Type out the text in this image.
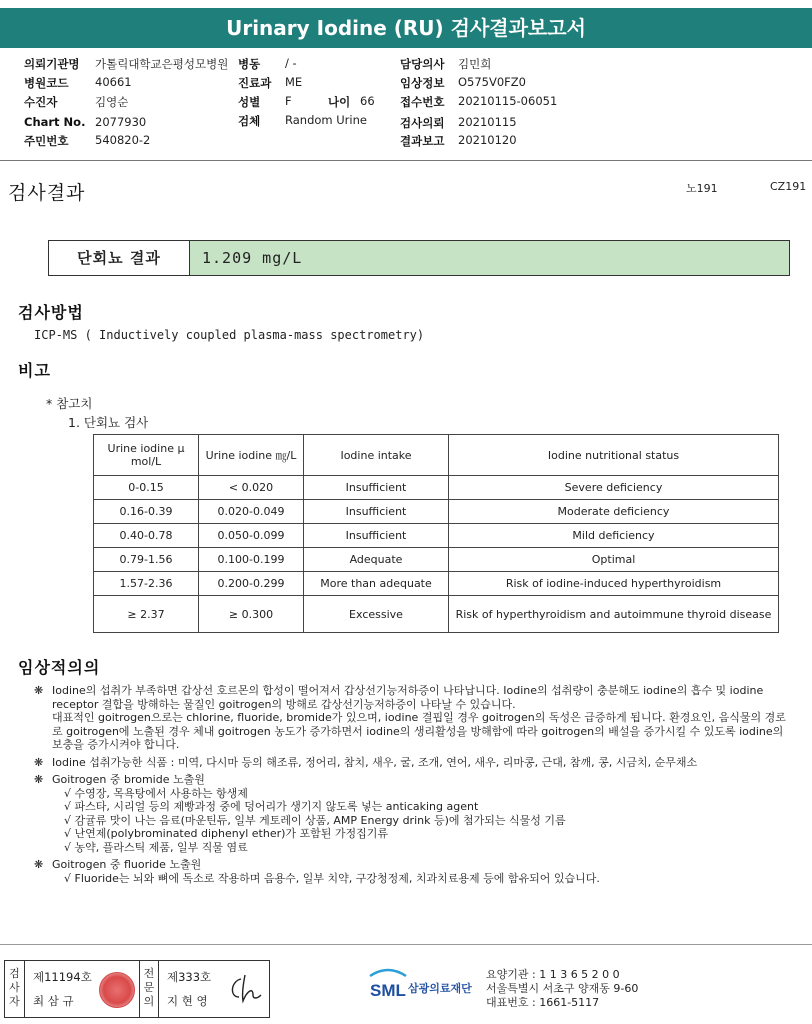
Urinary Iodine (RU) 검사결과보고서
의뢰기관명 가톨릭대학교은평성모병원 병동 / -	담당의사 김민희
병원코드 40661	진료과 ME	임상정보 O575V0FZ0
수진자	김영순	성별 F	나이 66 접수번호 20210115-06051
Chart No. 2077930	검체 Random Urine	검사의뢰 20210115
주민번호 540820-2	결과보고 20210120
검사결과	노191	CZ191
단회뇨 결과	1.209 mg/L
검사방법
ICP-MS ( Inductively coupled plasma-mass spectrometry)
비고
* 참고치
1. 단회뇨 검사
Urine iodine μ mol/L	Urine iodine ㎎/L	Iodine intake	Iodine nutritional status
0-0.15	< 0.020	Insufficient	Severe deficiency
0.16-0.39	0.020-0.049	Insufficient	Moderate deficiency
0.40-0.78	0.050-0.099	Insufficient	Mild deficiency
0.79-1.56	0.100-0.199	Adequate	Optimal
1.57-2.36	0.200-0.299	More than adequate	Risk of iodine-induced hyperthyroidism
≥ 2.37	≥ 0.300	Excessive	Risk of hyperthyroidism and autoimmune thyroid disease
임상적의의
❋ Iodine의 섭취가 부족하면 갑상선 호르몬의 합성이 떨어져서 갑상선기능저하증이 나타납니다. Iodine의 섭취량이 충분해도 iodine의 흡수 및 iodine receptor 결합을 방해하는 물질인 goitrogen의 방해로 갑상선기능저하증이 나타날 수 있습니다.
대표적인 goitrogen으로는 chlorine, fluoride, bromide가 있으며, iodine 결핍일 경우 goitrogen의 독성은 급증하게 됩니다. 환경요인, 음식물의 경로로 goitrogen에 노출된 경우 체내 goitrogen 농도가 증가하면서 iodine의 생리활성을 방해함에 따라 goitrogen의 배설을 증가시킬 수 있도록 iodine의 보충을 증가시켜야 합니다.
❋ Iodine 섭취가능한 식품 : 미역, 다시마 등의 해조류, 정어리, 참치, 새우, 굴, 조개, 연어, 새우, 리마콩, 근대, 참깨, 콩, 시금치, 순무채소
❋ Goitrogen 중 bromide 노출원
√ 수영장, 목욕탕에서 사용하는 항생제
√ 파스타, 시리얼 등의 제빵과정 중에 덩어리가 생기지 않도록 넣는 anticaking agent
√ 감귤류 맛이 나는 음료(마운틴듀, 일부 게토레이 상품, AMP Energy drink 등)에 첨가되는 식물성 기름
√ 난연제(polybrominated diphenyl ether)가 포함된 가정집기류
√ 농약, 플라스틱 제품, 일부 직물 염료
❋ Goitrogen 중 fluoride 노출원
√ Fluoride는 뇌와 뼈에 독소로 작용하며 음용수, 일부 치약, 구강청정제, 치과치료용제 등에 함유되어 있습니다.
검사자
제11194호
최 삼 규
전문의
제333호
지 현 영
SML 삼광의료재단
요양기관 : 1 1 3 6 5 2 0 0
서울특별시 서초구 양재동 9-60
대표번호 : 1661-5117
